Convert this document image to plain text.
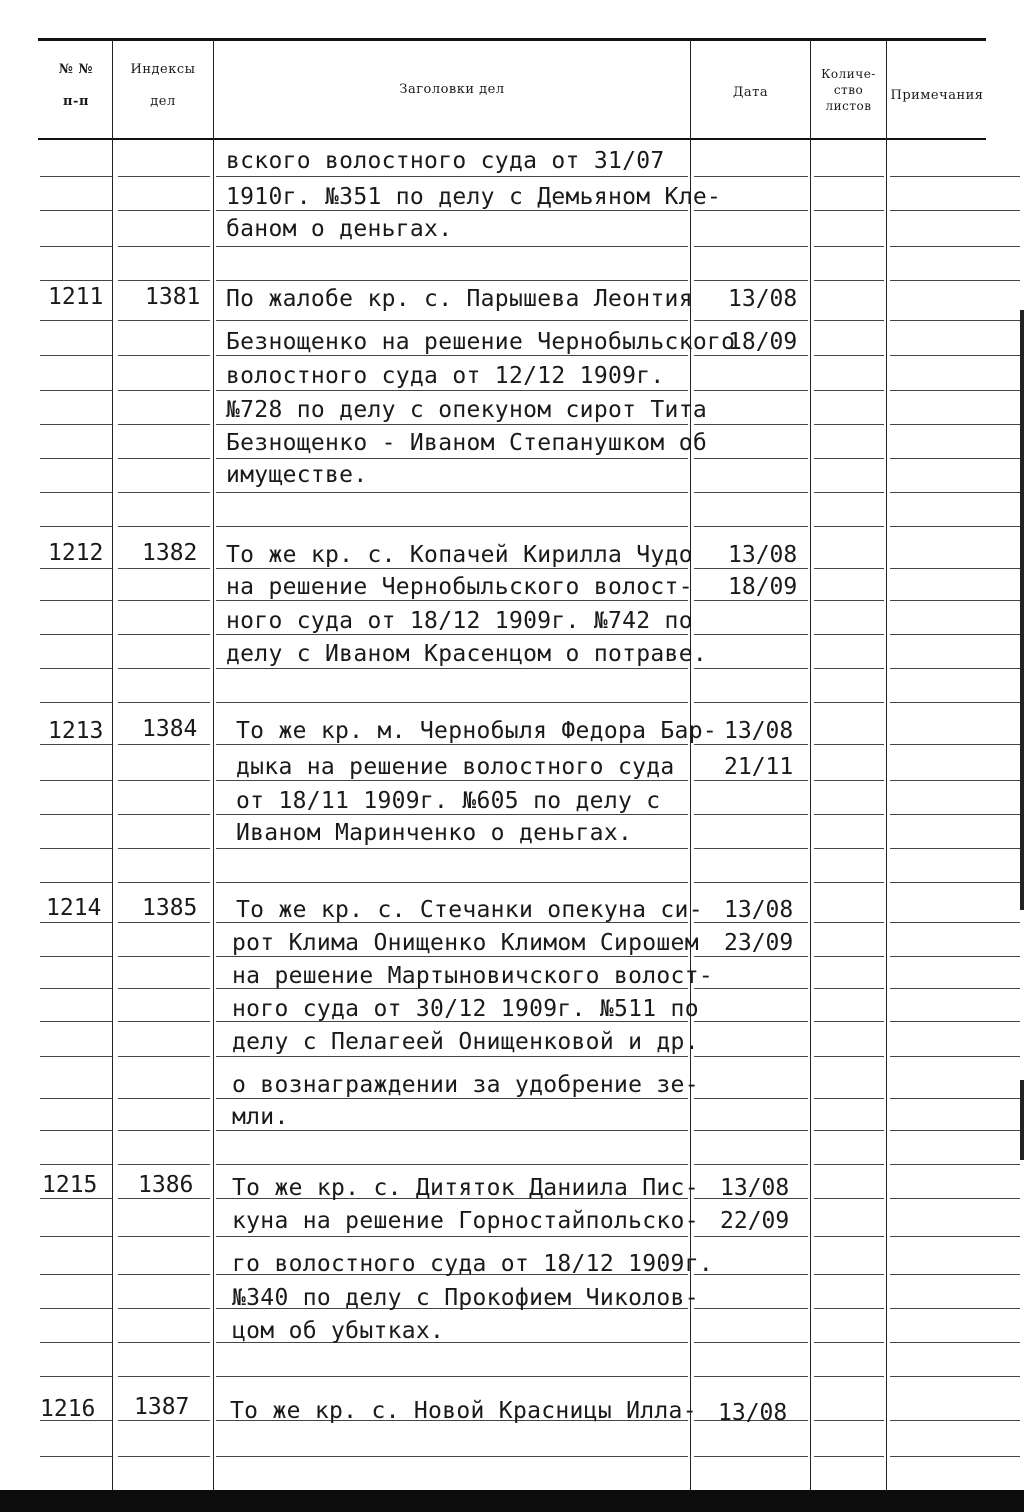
№ №
п-п
Индексы
дел
Заголовки дел	Дата
Количе-
ство
листов
Примечания
вского волостного суда от 31/07
1910г. №351 по делу с Демьяном Кле-
баном о деньгах.
1211 1381 По жалобе кр. с. Парышева Леонтия
Безнощенко на решение Чернобыльского
волостного суда от 12/12 1909г.
№728 по делу с опекуном сирот Тита
Безнощенко - Иваном Степанушком об
имуществе.
13/08
18/09
1212 1382 То же кр. с. Копачей Кирилла Чудо
на решение Чернобыльского волост-
ного суда от 18/12 1909г. №742 по
делу с Иваном Красенцом о потраве.
13/08
18/09
1213 1384 То же кр. м. Чернобыля Федора Бар-
дыка на решение волостного суда
от 18/11 1909г. №605 по делу с
Иваном Маринченко о деньгах.
13/08
21/11
1214 1385 То же кр. с. Стечанки опекуна си-
рот Клима Онищенко Климом Сирошем
на решение Мартыновичского волост-
ного суда от 30/12 1909г. №511 по
делу с Пелагеей Онищенковой и др.
о вознаграждении за удобрение зе-
мли.
13/08
23/09
1215 1386 То же кр. с. Дитяток Даниила Пис-
куна на решение Горностайпольско-
го волостного суда от 18/12 1909г.
№340 по делу с Прокофием Чиколов-
цом об убытках.
13/08
22/09
1216 1387 То же кр. с. Новой Красницы Илла- 13/08
